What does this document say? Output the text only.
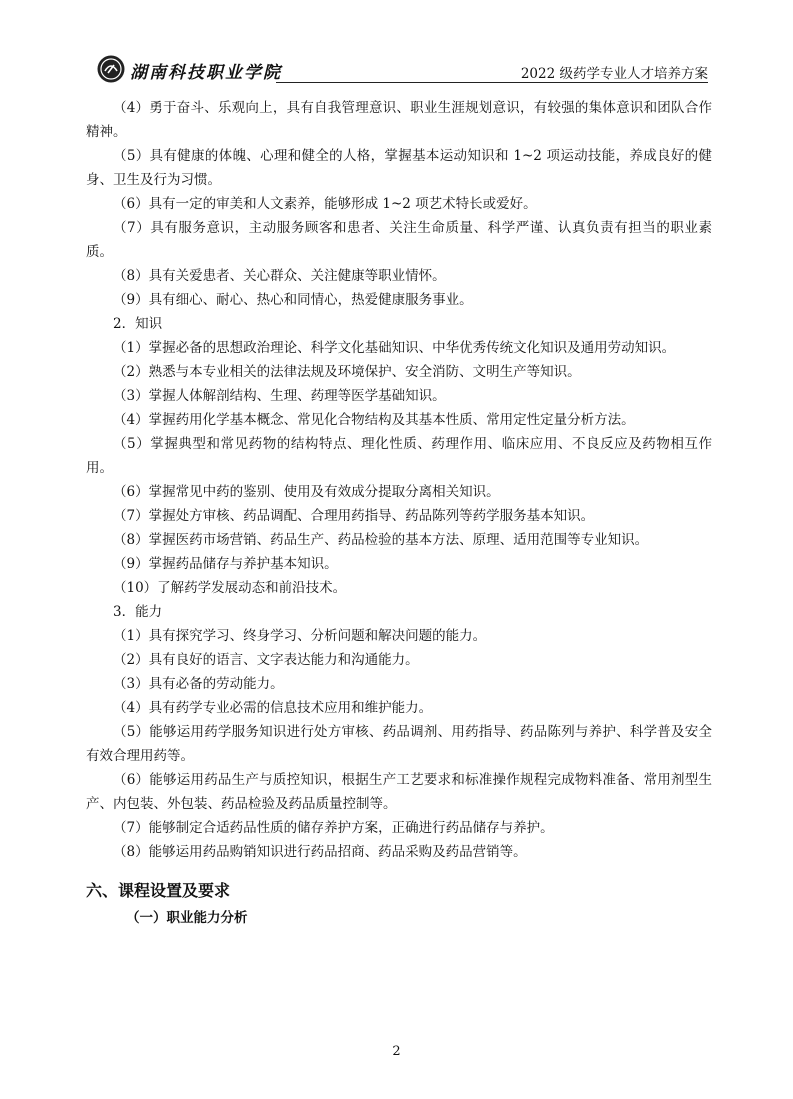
湖南科技职业学院	2022 级药学专业人才培养方案

（4）勇于奋斗、乐观向上，具有自我管理意识、职业生涯规划意识，有较强的集体意识和团队合作精神。

（5）具有健康的体魄、心理和健全的人格，掌握基本运动知识和 1~2 项运动技能，养成良好的健身、卫生及行为习惯。

（6）具有一定的审美和人文素养，能够形成 1~2 项艺术特长或爱好。

（7）具有服务意识，主动服务顾客和患者、关注生命质量、科学严谨、认真负责有担当的职业素质。

（8）具有关爱患者、关心群众、关注健康等职业情怀。

（9）具有细心、耐心、热心和同情心，热爱健康服务事业。

2．知识

（1）掌握必备的思想政治理论、科学文化基础知识、中华优秀传统文化知识及通用劳动知识。

（2）熟悉与本专业相关的法律法规及环境保护、安全消防、文明生产等知识。

（3）掌握人体解剖结构、生理、药理等医学基础知识。

（4）掌握药用化学基本概念、常见化合物结构及其基本性质、常用定性定量分析方法。

（5）掌握典型和常见药物的结构特点、理化性质、药理作用、临床应用、不良反应及药物相互作用。

（6）掌握常见中药的鉴别、使用及有效成分提取分离相关知识。

（7）掌握处方审核、药品调配、合理用药指导、药品陈列等药学服务基本知识。

（8）掌握医药市场营销、药品生产、药品检验的基本方法、原理、适用范围等专业知识。

（9）掌握药品储存与养护基本知识。

（10）了解药学发展动态和前沿技术。

3．能力

（1）具有探究学习、终身学习、分析问题和解决问题的能力。

（2）具有良好的语言、文字表达能力和沟通能力。

（3）具有必备的劳动能力。

（4）具有药学专业必需的信息技术应用和维护能力。

（5）能够运用药学服务知识进行处方审核、药品调剂、用药指导、药品陈列与养护、科学普及安全有效合理用药等。

（6）能够运用药品生产与质控知识，根据生产工艺要求和标准操作规程完成物料准备、常用剂型生产、内包装、外包装、药品检验及药品质量控制等。

（7）能够制定合适药品性质的储存养护方案，正确进行药品储存与养护。

（8）能够运用药品购销知识进行药品招商、药品采购及药品营销等。

六、课程设置及要求
（一）职业能力分析
2
